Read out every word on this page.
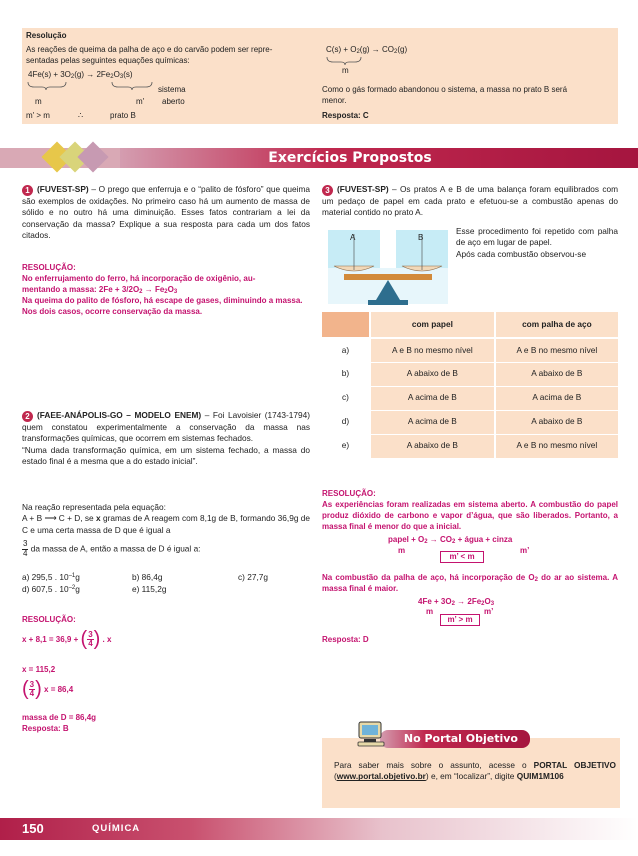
Resolução
As reações de queima da palha de aço e do carvão podem ser repre-
sentadas pelas seguintes equações químicas:
$4Fe(s) + 3O_2(g) \to 2Fe_2O_3(s)$
m	m'
sistema
aberto
m' > m	∴	prato B
$C(s) + O_2(g) \to CO_2(g)$
m
Como o gás formado abandonou o sistema, a massa no prato B será
menor.
Resposta: C
Exercícios Propostos
1 (FUVEST-SP) – O prego que enferruja e o “palito de fósforo” que queima são exemplos de oxidações. No primeiro caso há um aumento de massa de sólido e no outro há uma diminuição. Esses fatos contrariam a lei da conservação da massa? Explique a sua resposta para cada um dos fatos citados.
RESOLUÇÃO:
No enferrujamento do ferro, há incorporação de oxigênio, au-
mentando a massa: $2Fe + 3/2O_2 \to Fe_2O_3$
Na queima do palito de fósforo, há escape de gases, diminuindo a massa. Nos dois casos, ocorre conservação da massa.
2 (FAEE-ANÁPOLIS-GO – MODELO ENEM) – Foi Lavoisier (1743-1794) quem constatou experimentalmente a conservação da massa nas transformações químicas, que ocorrem em sistemas fechados.
“Numa dada transformação química, em um sistema fechado, a massa do estado final é a mesma que a do estado inicial”.
Na reação representada pela equação:
A + B ⟶ C + D, se x gramas de A reagem com 8,1g de B, formando 36,9g de C e uma certa massa de D que é igual a
$\frac{3}{4}$ da massa de A, então a massa de D é igual a:
a) 295,5 . $10^{-1}g$	b) 86,4g	c) 27,7g
d) 607,5 . $10^{-2}g$	e) 115,2g
RESOLUÇÃO:
x + 8,1 = 36,9 + ( $\frac{3}{4}$) . x
x = 115,2
( $\frac{3}{4}$) x = 86,4
massa de D = 86,4g
Resposta: B
3 (FUVEST-SP) – Os pratos A e B de uma balança foram equilibrados com um pedaço de papel em cada prato e efetuou-se a combustão apenas do material contido no prato A.
Esse procedimento foi repetido com palha de aço em lugar de papel.
Após cada combustão observou-se
A	B
	com papel	com palha de aço
a)	A e B no mesmo nível	A e B no mesmo nível
b)	A abaixo de B	A abaixo de B
c)	A acima de B	A acima de B
d)	A acima de B	A abaixo de B
e)	A abaixo de B	A e B no mesmo nível
RESOLUÇÃO:
As experiências foram realizadas em sistema aberto. A combustão do papel produz dióxido de carbono e vapor d’água, que são liberados. Portanto, a massa final é menor do que a inicial.
papel + $O_2 \to CO_2$ + água + cinza
m	m’
m’ < m
Na combustão da palha de aço, há incorporação de $O_2$ do ar ao sistema. A massa final é maior.
$4Fe + 3O_2 \to 2Fe_2O_3$
m	m’
m’ > m
Resposta: D
No Portal Objetivo
Para saber mais sobre o assunto, acesse o PORTAL OBJETIVO (www.portal.objetivo.br) e, em “localizar”, digite QUIM1M106
150	QUÍMICA
